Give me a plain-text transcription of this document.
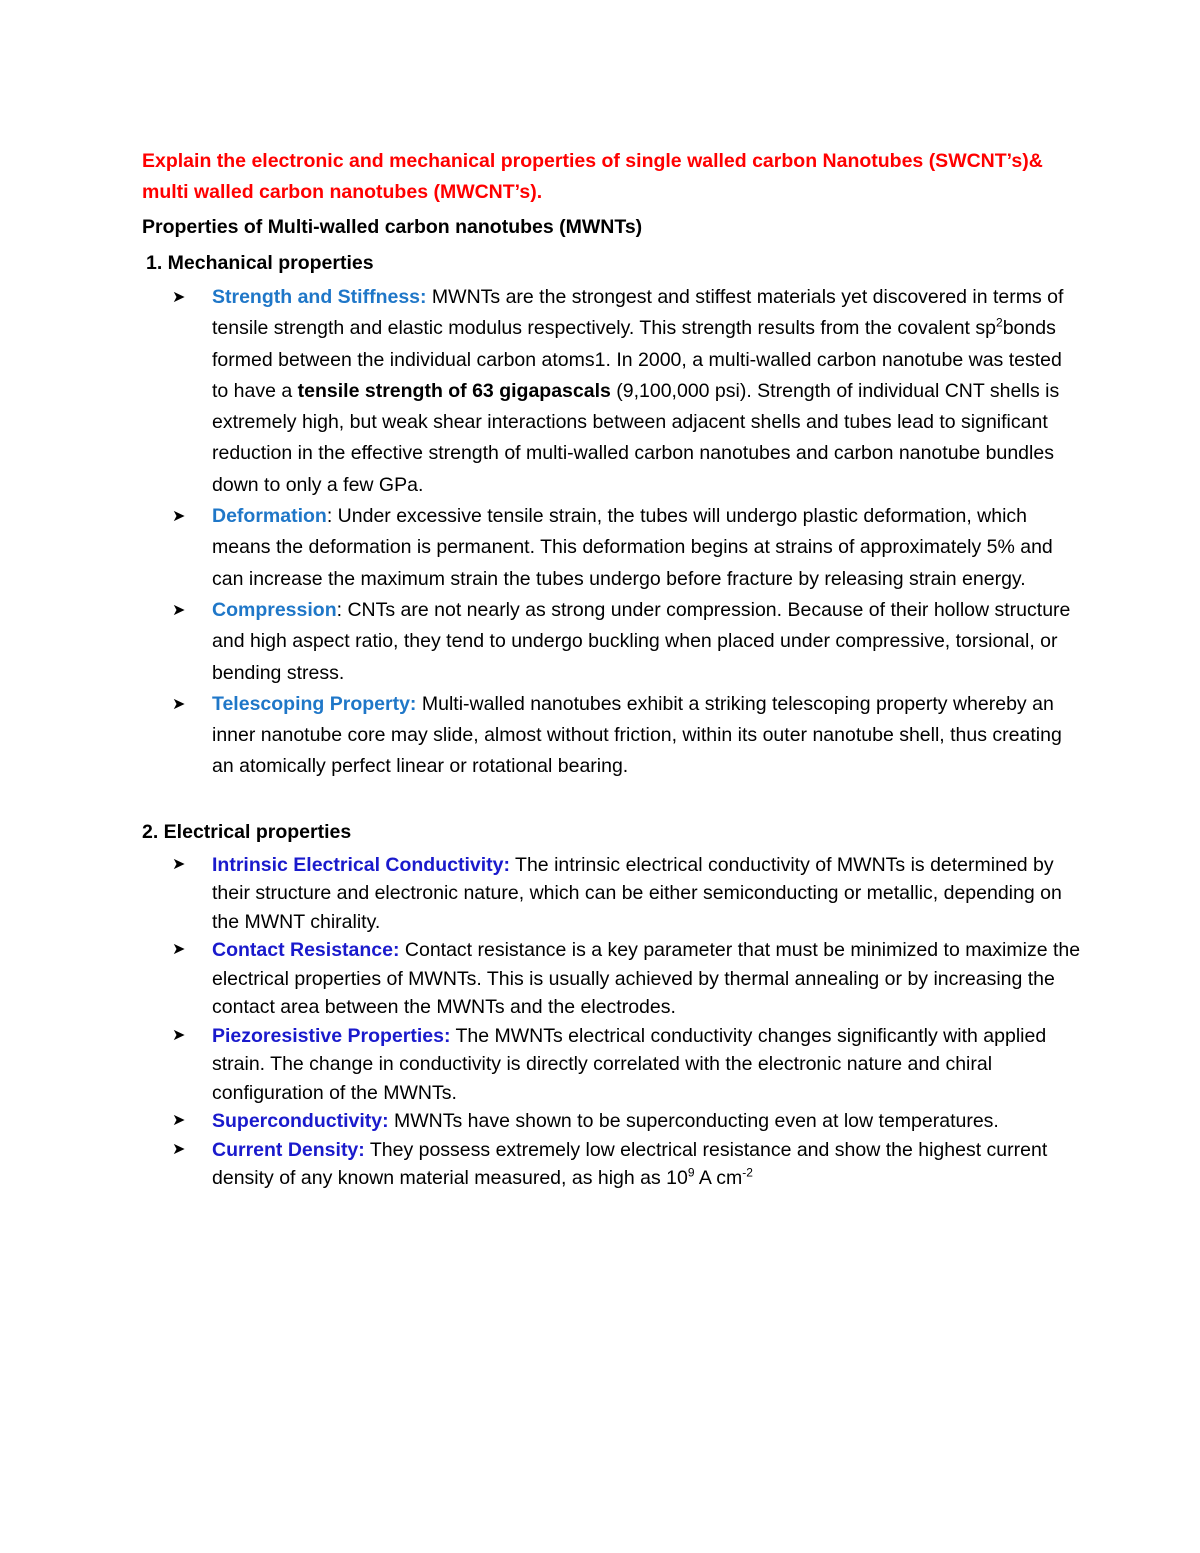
Explain the electronic and mechanical properties of single walled carbon Nanotubes (SWCNT’s)& multi walled carbon nanotubes (MWCNT’s).

Properties of Multi-walled carbon nanotubes (MWNTs)

1. Mechanical properties
➤ Strength and Stiffness: MWNTs are the strongest and stiffest materials yet discovered in terms of tensile strength and elastic modulus respectively. This strength results from the covalent $sp^2bonds$ formed between the individual carbon atoms1. In 2000, a multi-walled carbon nanotube was tested to have a tensile strength of 63 gigapascals (9,100,000 psi). Strength of individual CNT shells is extremely high, but weak shear interactions between adjacent shells and tubes lead to significant reduction in the effective strength of multi-walled carbon nanotubes and carbon nanotube bundles down to only a few GPa.
➤ Deformation: Under excessive tensile strain, the tubes will undergo plastic deformation, which means the deformation is permanent. This deformation begins at strains of approximately 5% and can increase the maximum strain the tubes undergo before fracture by releasing strain energy.
➤ Compression: CNTs are not nearly as strong under compression. Because of their hollow structure and high aspect ratio, they tend to undergo buckling when placed under compressive, torsional, or bending stress.
➤ Telescoping Property: Multi-walled nanotubes exhibit a striking telescoping property whereby an inner nanotube core may slide, almost without friction, within its outer nanotube shell, thus creating an atomically perfect linear or rotational bearing.
2. Electrical properties
➤ Intrinsic Electrical Conductivity: The intrinsic electrical conductivity of MWNTs is determined by their structure and electronic nature, which can be either semiconducting or metallic, depending on the MWNT chirality.
➤ Contact Resistance: Contact resistance is a key parameter that must be minimized to maximize the electrical properties of MWNTs. This is usually achieved by thermal annealing or by increasing the contact area between the MWNTs and the electrodes.
➤ Piezoresistive Properties: The MWNTs electrical conductivity changes significantly with applied strain. The change in conductivity is directly correlated with the electronic nature and chiral configuration of the MWNTs.
➤ Superconductivity: MWNTs have shown to be superconducting even at low temperatures.
➤ Current Density: They possess extremely low electrical resistance and show the highest current density of any known material measured, as high as $10^9$ A $cm^{-2}$
